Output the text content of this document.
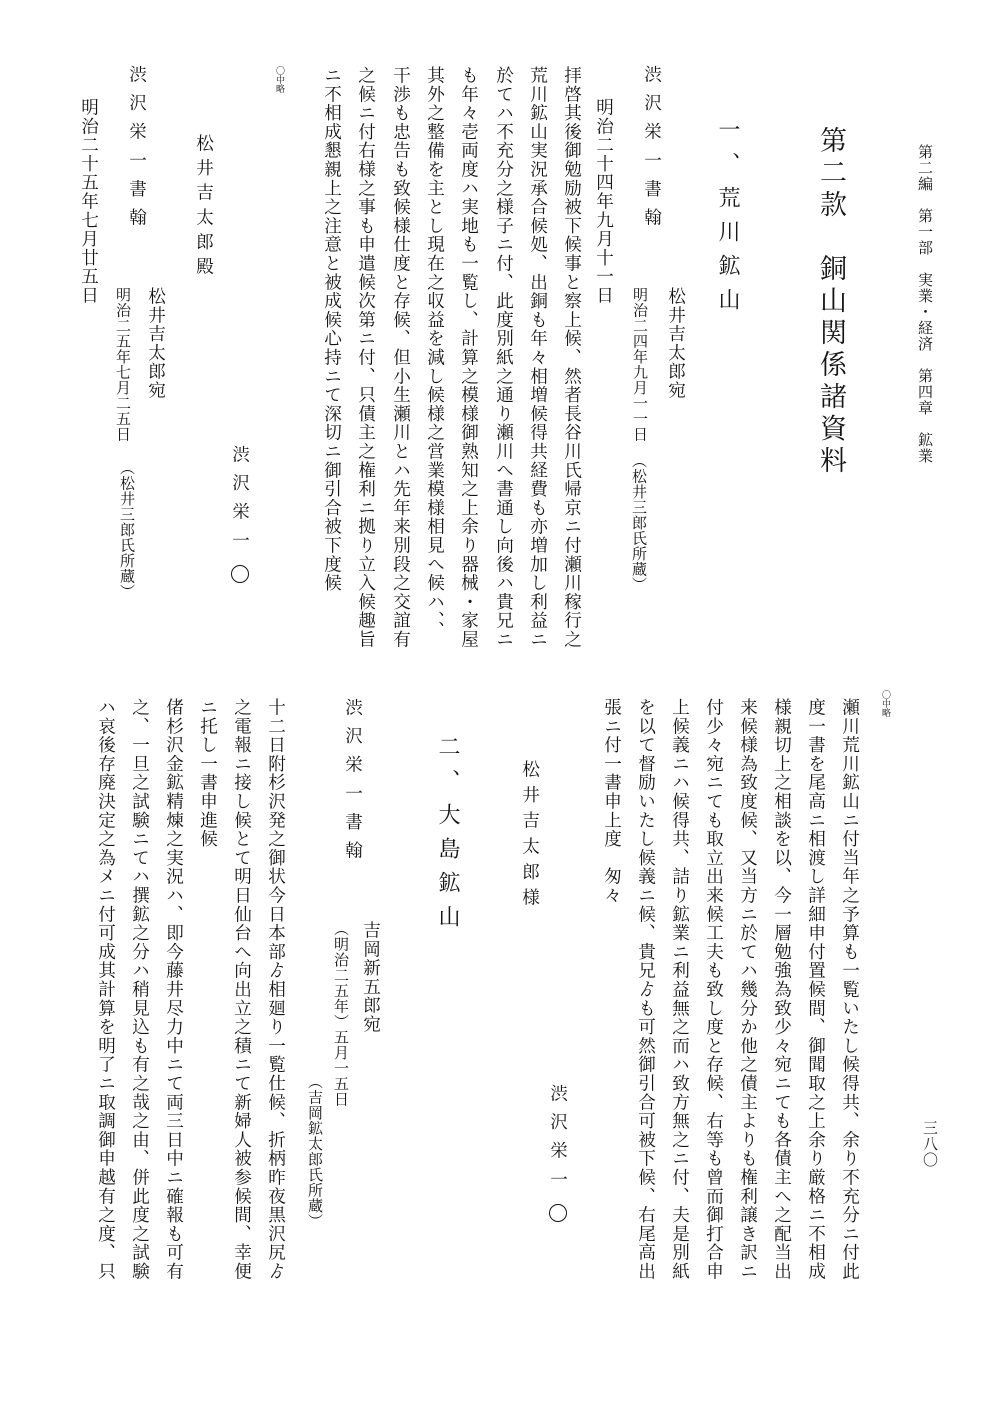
第二編　第一部　実業・経済　第四章　鉱業
第二款　銅山関係諸資料
一、荒川鉱山
渋沢栄一書翰
松井吉太郎宛
明治二四年九月一一日
（松井三郎氏所蔵）
明治二十四年九月十一日
拝啓其後御勉励被下候事と察上候、然者長谷川氏帰京ニ付瀬川稼行之
荒川鉱山実況承合候処、出銅も年々相増候得共経費も亦増加し利益ニ
於てハ不充分之様子ニ付、此度別紙之通り瀬川へ書通し向後ハ貴兄ニ
も年々壱両度ハ実地も一覧し、計算之模様御熟知之上余り器械・家屋
其外之整備を主とし現在之収益を減し候様之営業模様相見へ候ハ、、
干渉も忠告も致候様仕度と存候、但小生瀬川とハ先年来別段之交誼有
之候ニ付右様之事も申遣候次第ニ付、只債主之権利ニ拠り立入候趣旨
ニ不相成懇親上之注意と被成候心持ニて深切ニ御引合被下度候
〇中略
渋沢栄一
松井吉太郎殿
渋沢栄一書翰
松井吉太郎宛
明治二五年七月二五日
（松井三郎氏所蔵）
明治二十五年七月廿五日
三八〇
〇中略
瀬川荒川鉱山ニ付当年之予算も一覧いたし候得共、余り不充分ニ付此
度一書を尾高ニ相渡し詳細申付置候間、御聞取之上余り厳格ニ不相成
様親切上之相談を以、今一層勉強為致少々宛ニても各債主へ之配当出
来候様為致度候、又当方ニ於てハ幾分か他之債主よりも権利譲き訳ニ
付少々宛ニても取立出来候工夫も致し度と存候、右等も曾而御打合申
上候義ニハ候得共、詰り鉱業ニ利益無之而ハ致方無之ニ付、夫是別紙
を以て督励いたし候義ニ候、貴兄ゟも可然御引合可被下候、右尾高出
張ニ付一書申上度　匆々
松井吉太郎様
渋沢栄一
二、大島鉱山
渋沢栄一書翰
吉岡新五郎宛
（明治二五年）五月一五日
（吉岡鉱太郎氏所蔵）
十二日附杉沢発之御状今日本部ゟ相廻り一覧仕候、折柄昨夜黒沢尻ゟ
之電報ニ接し候とて明日仙台へ向出立之積ニて新婦人被参候間、幸便
ニ托し一書申進候
偖杉沢金鉱精煉之実況ハ、即今藤井尽力中ニて両三日中ニ確報も可有
之、一旦之試験ニてハ撰鉱之分ハ稍見込も有之哉之由、併此度之試験
ハ哀後存廃決定之為メニ付可成其計算を明了ニ取調御申越有之度、只
